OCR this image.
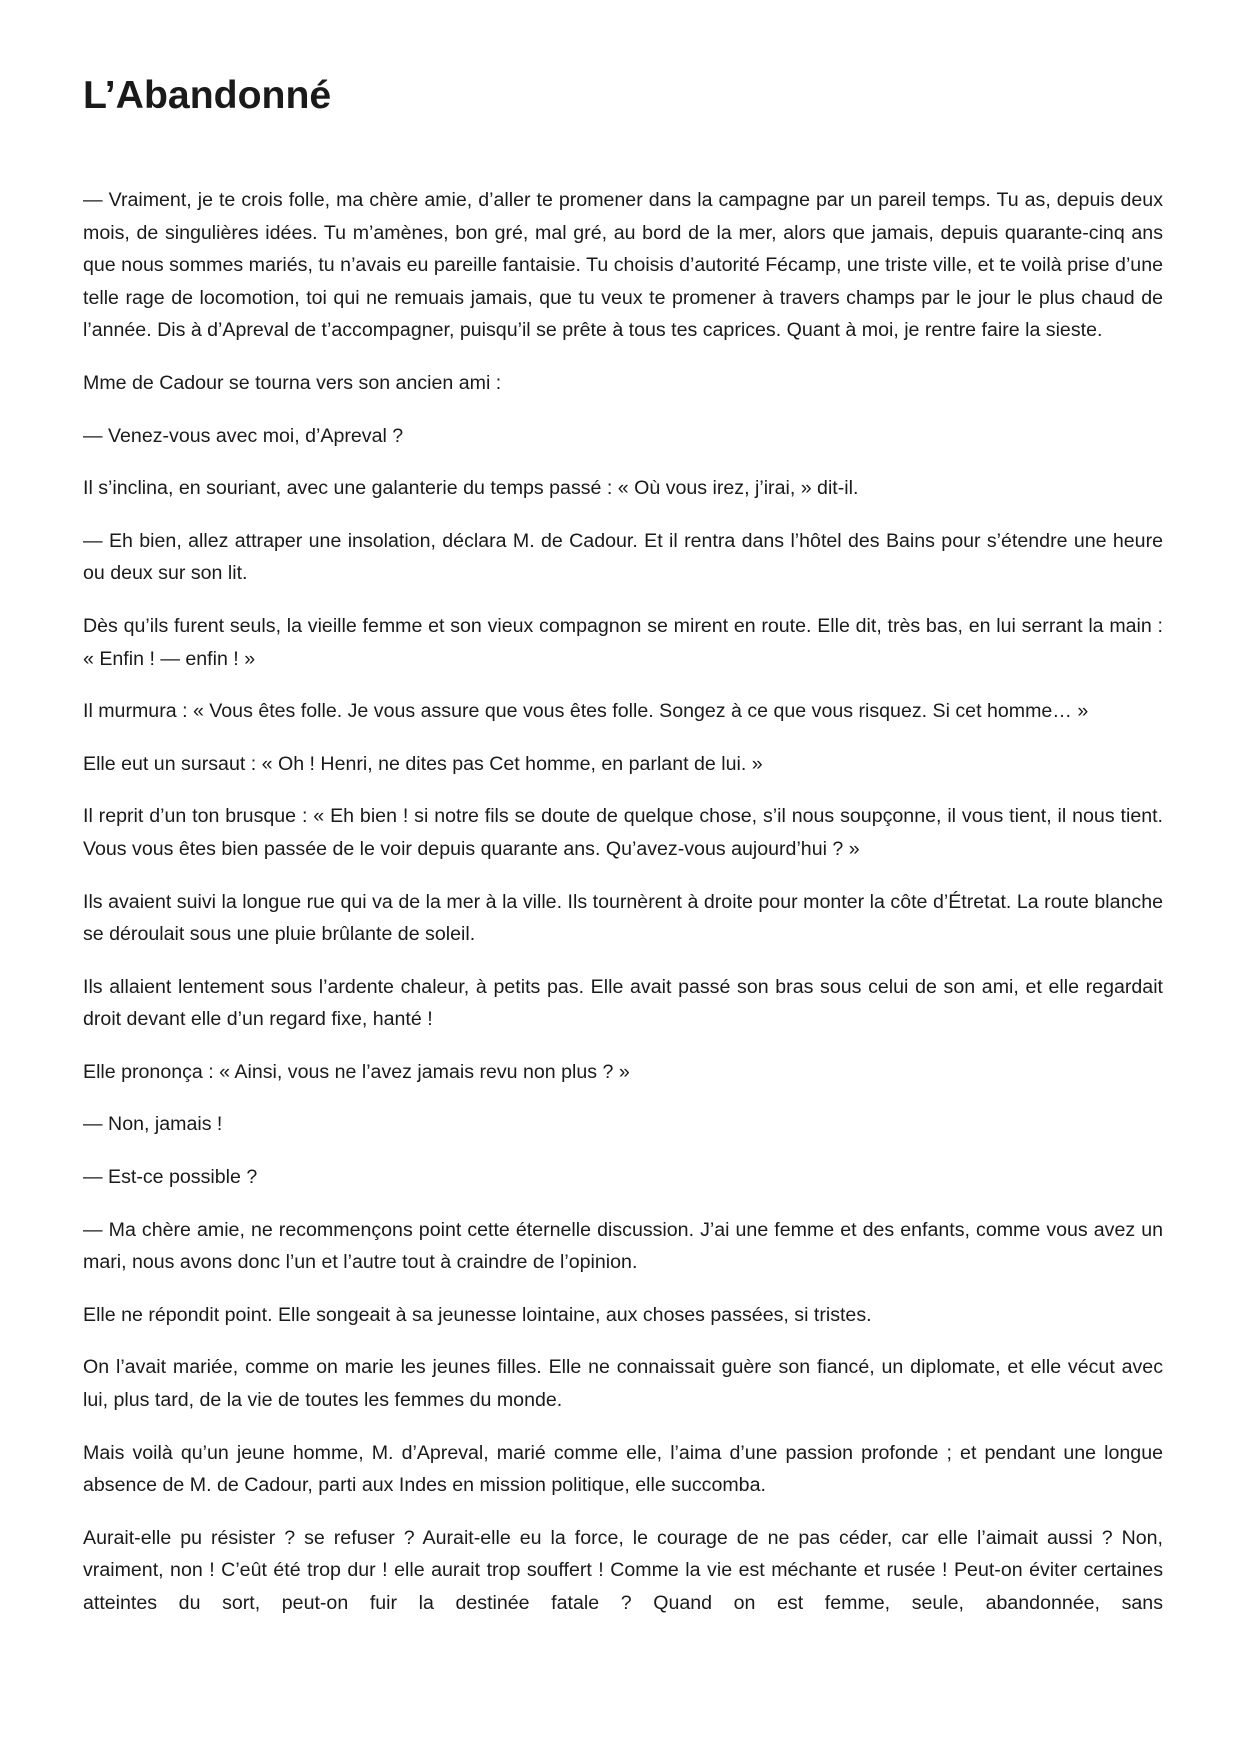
L’Abandonné

— Vraiment, je te crois folle, ma chère amie, d’aller te promener dans la campagne par un pareil temps. Tu as, depuis deux mois, de singulières idées. Tu m’amènes, bon gré, mal gré, au bord de la mer, alors que jamais, depuis quarante-cinq ans que nous sommes mariés, tu n’avais eu pareille fantaisie. Tu choisis d’autorité Fécamp, une triste ville, et te voilà prise d’une telle rage de locomotion, toi qui ne remuais jamais, que tu veux te promener à travers champs par le jour le plus chaud de l’année. Dis à d’Apreval de t’accompagner, puisqu’il se prête à tous tes caprices. Quant à moi, je rentre faire la sieste.

Mme de Cadour se tourna vers son ancien ami :

— Venez-vous avec moi, d’Apreval ?

Il s’inclina, en souriant, avec une galanterie du temps passé : « Où vous irez, j’irai, » dit-il.

— Eh bien, allez attraper une insolation, déclara M. de Cadour. Et il rentra dans l’hôtel des Bains pour s’étendre une heure ou deux sur son lit.

Dès qu’ils furent seuls, la vieille femme et son vieux compagnon se mirent en route. Elle dit, très bas, en lui serrant la main : « Enfin ! — enfin ! »

Il murmura : « Vous êtes folle. Je vous assure que vous êtes folle. Songez à ce que vous risquez. Si cet homme… »

Elle eut un sursaut : « Oh ! Henri, ne dites pas Cet homme, en parlant de lui. »

Il reprit d’un ton brusque : « Eh bien ! si notre fils se doute de quelque chose, s’il nous soupçonne, il vous tient, il nous tient. Vous vous êtes bien passée de le voir depuis quarante ans. Qu’avez-vous aujourd’hui ? »

Ils avaient suivi la longue rue qui va de la mer à la ville. Ils tournèrent à droite pour monter la côte d’Étretat. La route blanche se déroulait sous une pluie brûlante de soleil.

Ils allaient lentement sous l’ardente chaleur, à petits pas. Elle avait passé son bras sous celui de son ami, et elle regardait droit devant elle d’un regard fixe, hanté !

Elle prononça : « Ainsi, vous ne l’avez jamais revu non plus ? »

— Non, jamais !

— Est-ce possible ?

— Ma chère amie, ne recommençons point cette éternelle discussion. J’ai une femme et des enfants, comme vous avez un mari, nous avons donc l’un et l’autre tout à craindre de l’opinion.

Elle ne répondit point. Elle songeait à sa jeunesse lointaine, aux choses passées, si tristes.

On l’avait mariée, comme on marie les jeunes filles. Elle ne connaissait guère son fiancé, un diplomate, et elle vécut avec lui, plus tard, de la vie de toutes les femmes du monde.

Mais voilà qu’un jeune homme, M. d’Apreval, marié comme elle, l’aima d’une passion profonde ; et pendant une longue absence de M. de Cadour, parti aux Indes en mission politique, elle succomba.

Aurait-elle pu résister ? se refuser ? Aurait-elle eu la force, le courage de ne pas céder, car elle l’aimait aussi ? Non, vraiment, non ! C’eût été trop dur ! elle aurait trop souffert ! Comme la vie est méchante et rusée ! Peut-on éviter certaines atteintes du sort, peut-on fuir la destinée fatale ? Quand on est femme, seule, abandonnée, sans
